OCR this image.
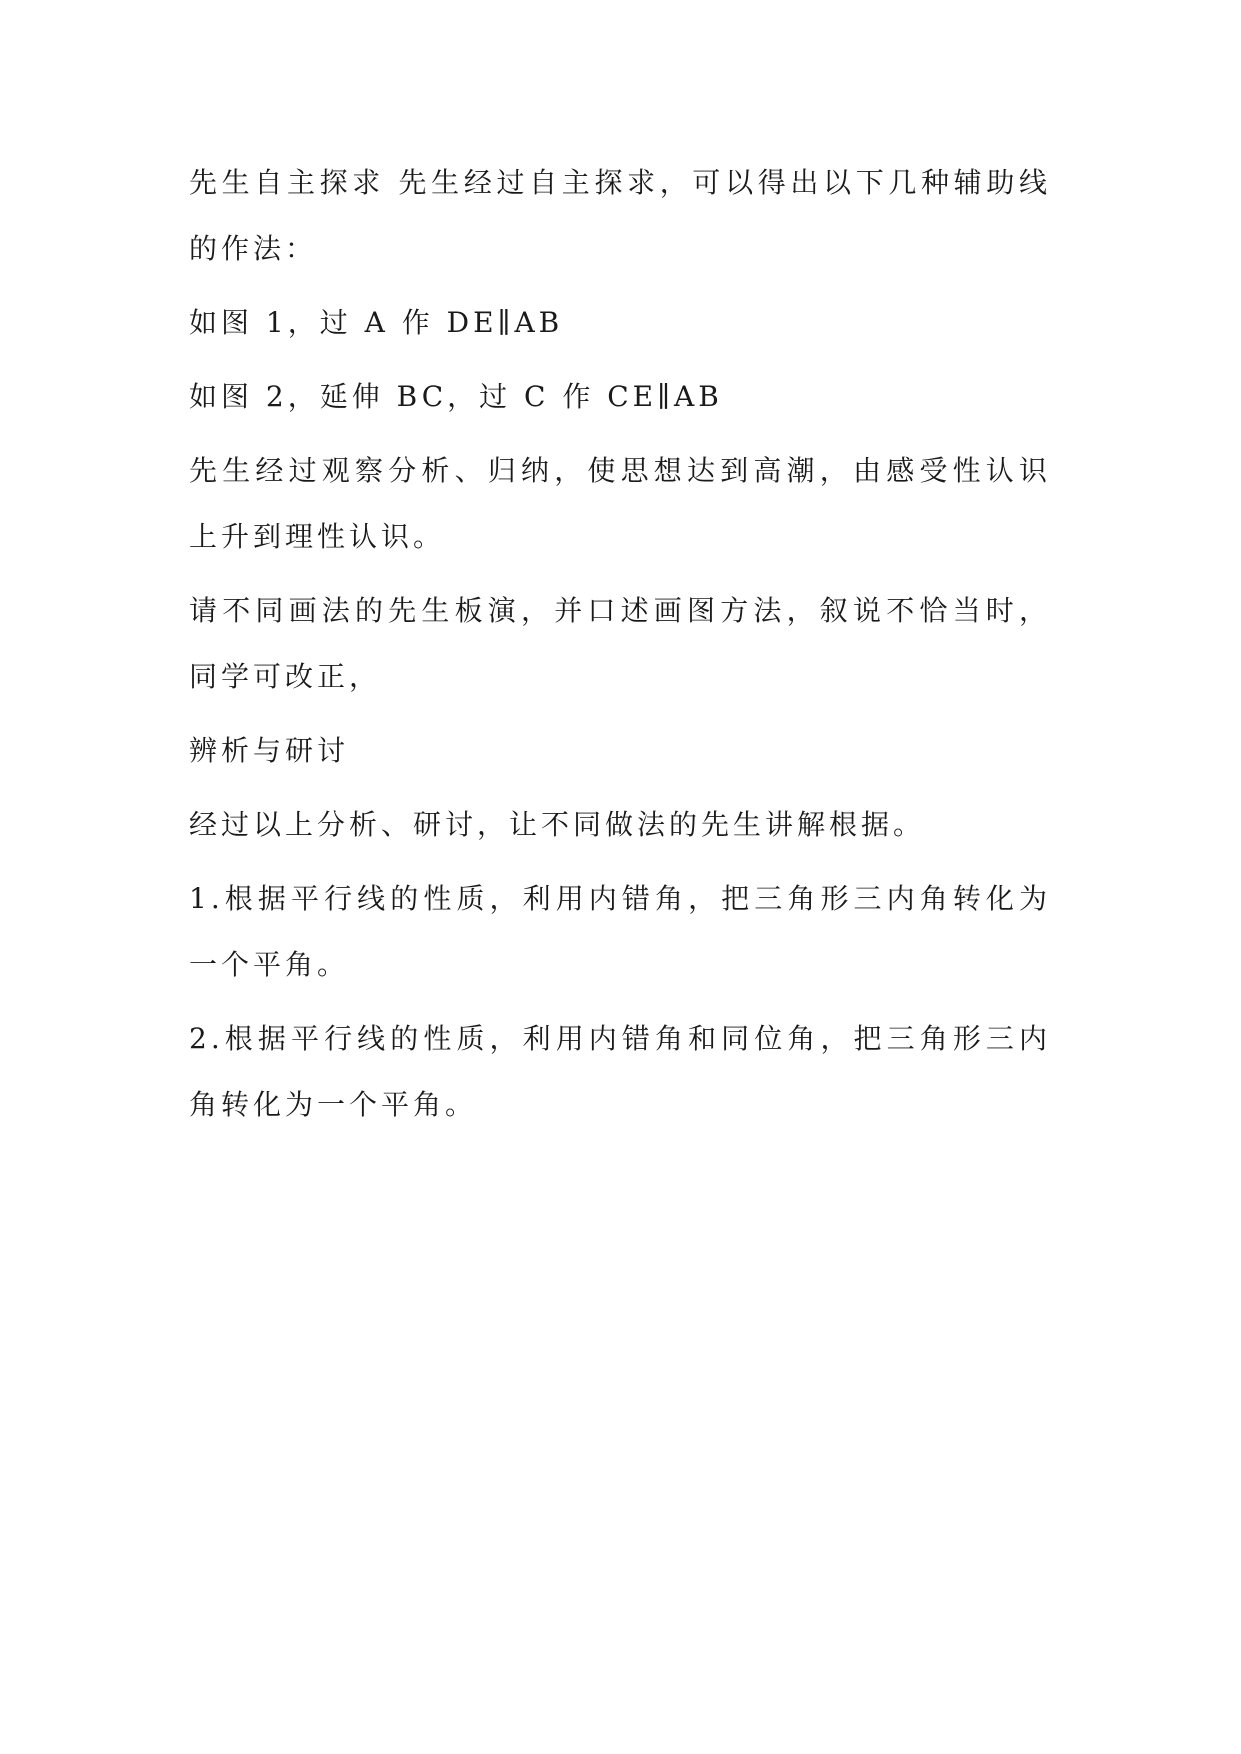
先生自主探求 先生经过自主探求，可以得出以下几种辅助线的作法：

如图 1，过 A 作 DE∥AB

如图 2，延伸 BC，过 C 作 CE∥AB

先生经过观察分析、归纳，使思想达到高潮，由感受性认识上升到理性认识。

请不同画法的先生板演，并口述画图方法，叙说不恰当时，同学可改正，

辨析与研讨

经过以上分析、研讨，让不同做法的先生讲解根据。

1.根据平行线的性质，利用内错角，把三角形三内角转化为一个平角。

2.根据平行线的性质，利用内错角和同位角，把三角形三内角转化为一个平角。
